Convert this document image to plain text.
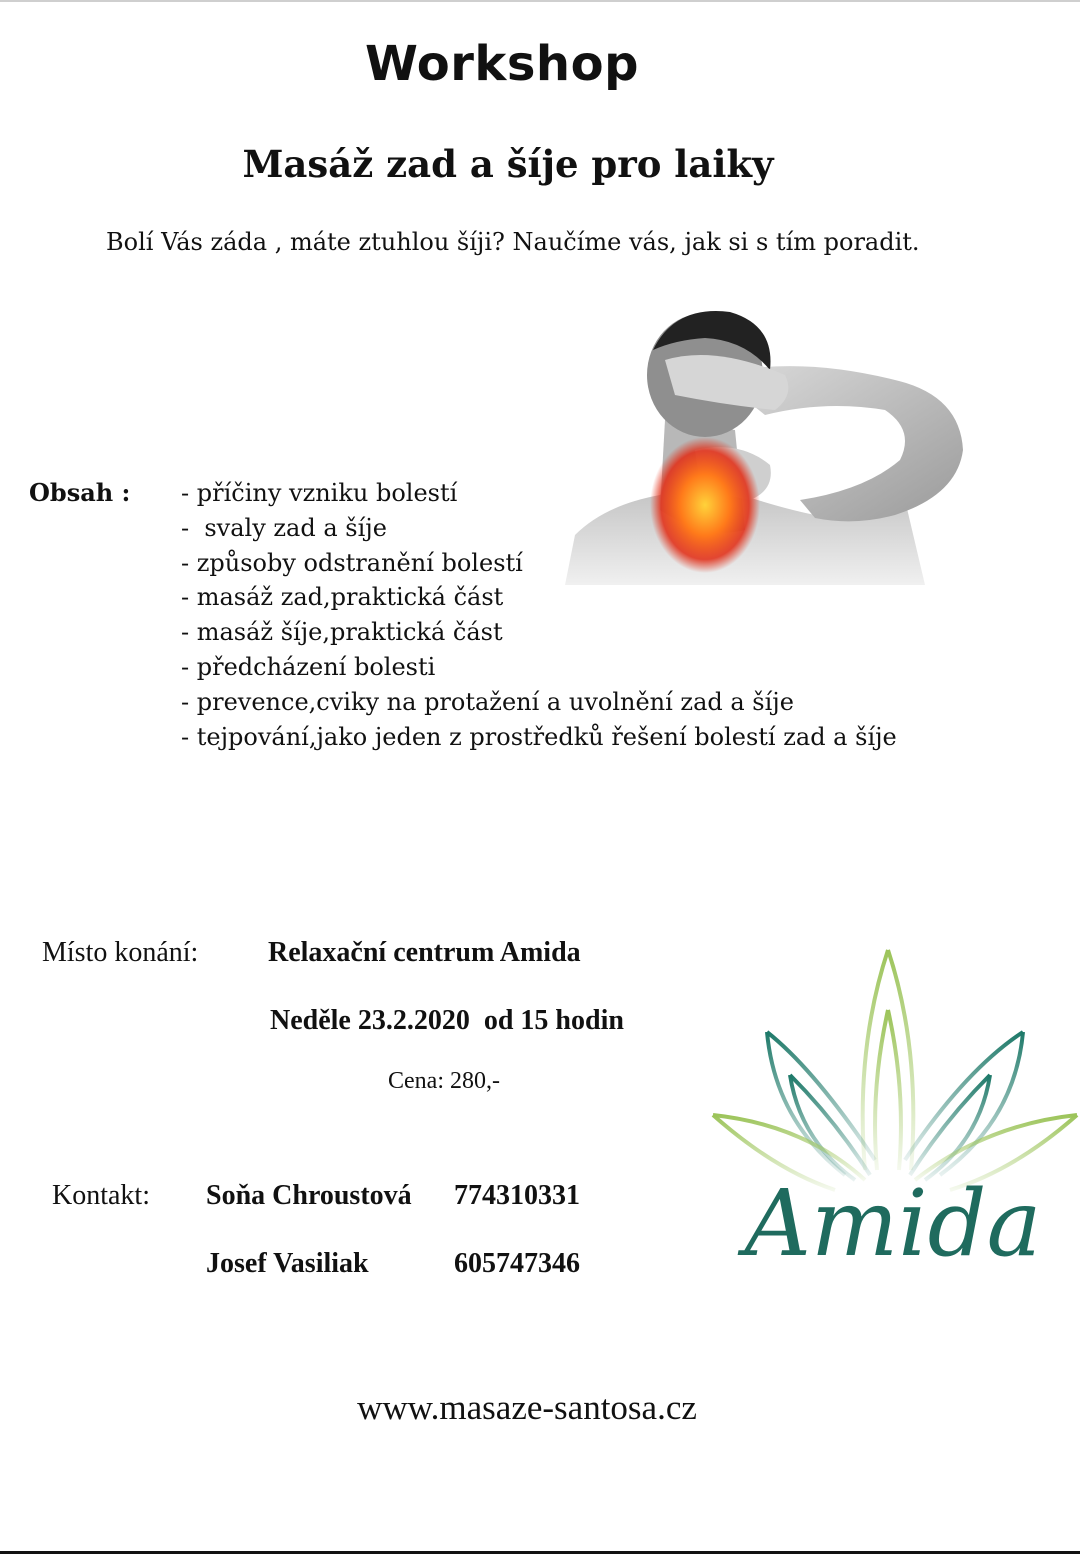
Workshop
Masáž zad a šíje pro laiky
Bolí Vás záda , máte ztuhlou šíji? Naučíme vás, jak si s tím poradit.
Obsah : - příčiny vzniku bolestí
-  svaly zad a šíje
- způsoby odstranění bolestí
- masáž zad,praktická část
- masáž šíje,praktická část
- předcházení bolesti
- prevence,cviky na protažení a uvolnění zad a šíje
- tejpování,jako jeden z prostředků řešení bolestí zad a šíje
Místo konání: Relaxační centrum Amida
Neděle 23.2.2020  od 15 hodin
Cena: 280,-
Kontakt: Soňa Chroustová 774310331
Josef Vasiliak	605747346 Amida
www.masaze-santosa.cz
